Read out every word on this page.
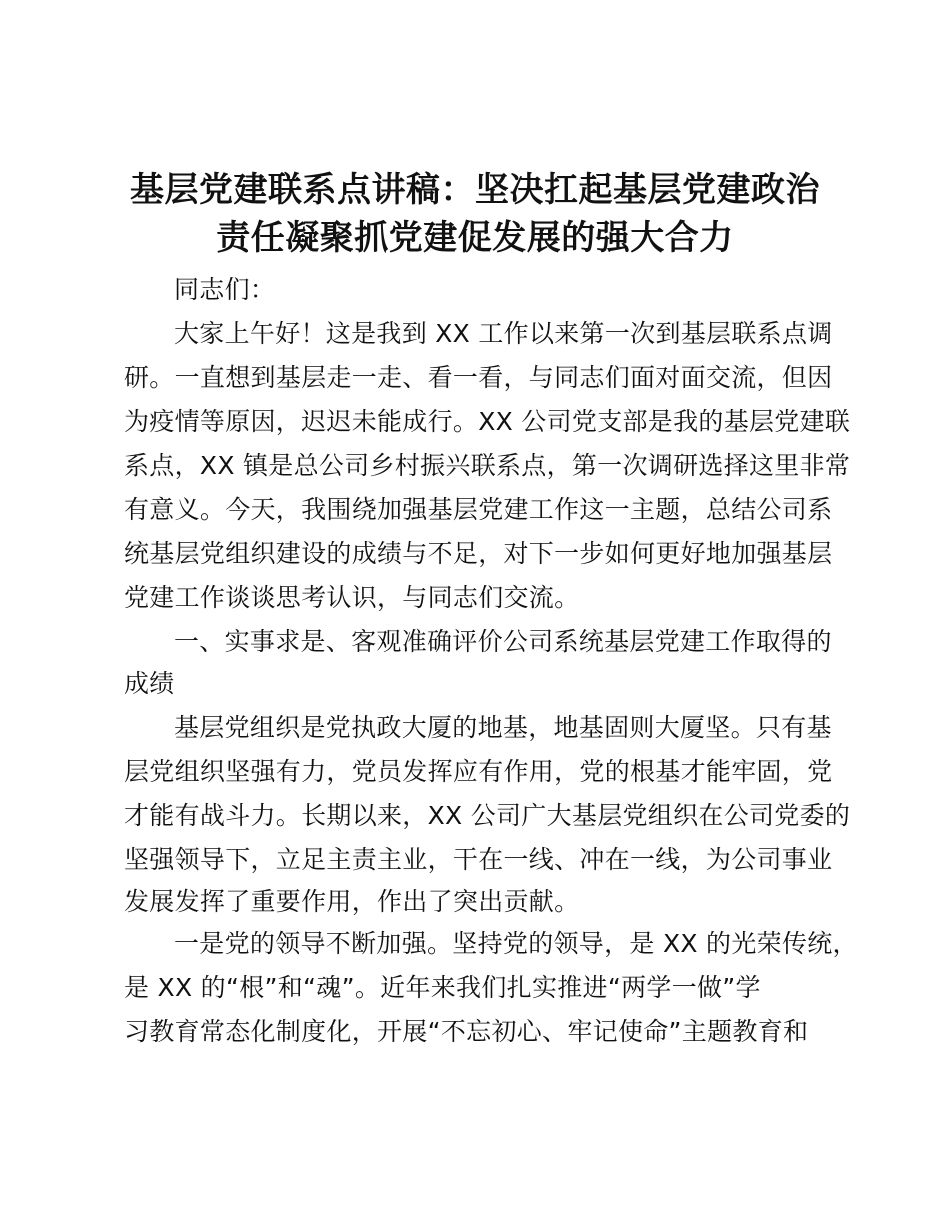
基层党建联系点讲稿：坚决扛起基层党建政治
责任凝聚抓党建促发展的强大合力

同志们：

大家上午好！这是我到 XX 工作以来第一次到基层联系点调

研。一直想到基层走一走、看一看，与同志们面对面交流，但因

为疫情等原因，迟迟未能成行。XX 公司党支部是我的基层党建联

系点，XX 镇是总公司乡村振兴联系点，第一次调研选择这里非常

有意义。今天，我围绕加强基层党建工作这一主题，总结公司系

统基层党组织建设的成绩与不足，对下一步如何更好地加强基层

党建工作谈谈思考认识，与同志们交流。

一、实事求是、客观准确评价公司系统基层党建工作取得的

成绩

基层党组织是党执政大厦的地基，地基固则大厦坚。只有基

层党组织坚强有力，党员发挥应有作用，党的根基才能牢固，党

才能有战斗力。长期以来，XX 公司广大基层党组织在公司党委的

坚强领导下，立足主责主业，干在一线、冲在一线，为公司事业

发展发挥了重要作用，作出了突出贡献。

一是党的领导不断加强。坚持党的领导，是 XX 的光荣传统，

是 XX 的“根”和“魂”。近年来我们扎实推进“两学一做”学

习教育常态化制度化，开展“不忘初心、牢记使命”主题教育和
